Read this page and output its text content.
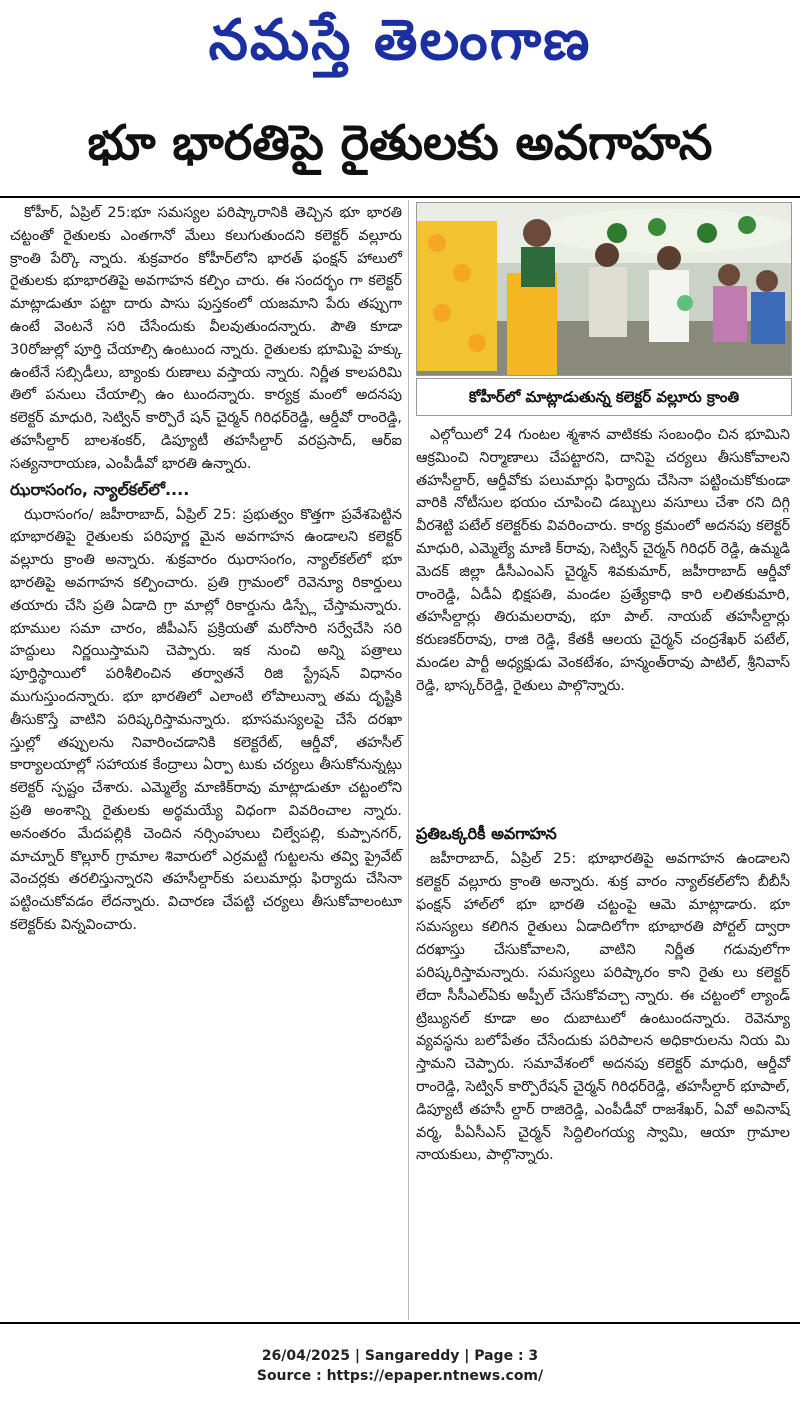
నమస్తే తెలంగాణ
భూ భారతిపై రైతులకు అవగాహన

కోహీర్, ఏప్రిల్ 25:భూ సమస్యల పరిష్కారానికి తెచ్చిన భూ భారతి చట్టంతో రైతులకు ఎంతగానో మేలు కలుగుతుందని కలెక్టర్ వల్లూరు క్రాంతి పేర్కొ న్నారు. శుక్రవారం కోహీర్‌లోని భారత్ ఫంక్షన్ హాలులో రైతులకు భూభారతిపై అవగాహన కల్పిం చారు. ఈ సందర్భం గా కలెక్టర్ మాట్లాడుతూ పట్టా దారు పాసు పుస్తకంలో యజమాని పేరు తప్పుగా ఉంటే వెంటనే సరి చేసేందుకు వీలవుతుందన్నారు. పౌతి కూడా 30రోజుల్లో పూర్తి చేయాల్సి ఉంటుంద న్నారు. రైతులకు భూమిపై హక్కు ఉంటేనే సబ్సిడీలు, బ్యాంకు రుణాలు వస్తాయ న్నారు. నిర్ణీత కాలపరిమి తిలో పనులు చేయాల్సి ఉం టుందన్నారు. కార్యక్ర మంలో అదనపు కలెక్టర్ మాధురి, సెట్విన్ కార్పొరే షన్ చైర్మన్ గిరిధర్‌రెడ్డి, ఆర్డీవో రాంరెడ్డి, తహసీల్దార్ బాలశంకర్, డిప్యూటీ తహసీల్దార్ వరప్రసాద్, ఆర్ఐ సత్యనారాయణ, ఎంపీడీవో భారతి ఉన్నారు.

ఝరాసంగం, న్యాల్‌కల్‌లో....

ఝరాసంగం/ జహీరాబాద్, ఏప్రిల్ 25: ప్రభుత్వం కొత్తగా ప్రవేశపెట్టిన భూభారతిపై రైతులకు పరిపూర్ణ మైన అవగాహన ఉండాలని కలెక్టర్ వల్లూరు క్రాంతి అన్నారు. శుక్రవారం ఝరాసంగం, న్యాల్‌కల్‌లో భూ భారతిపై అవగాహన కల్పించారు. ప్రతి గ్రామంలో రెవెన్యూ రికార్డులు తయారు చేసి ప్రతి ఏడాది గ్రా మాల్లో రికార్డును డిస్ప్లే చేస్తామన్నారు. భూముల సమా చారం, జీపీఎస్ ప్రక్రియతో మరోసారి సర్వేచేసి సరి హద్దులు నిర్ణయిస్తామని చెప్పారు. ఇక నుంచి అన్ని పత్రాలు పూర్తిస్థాయిలో పరిశీలించిన తర్వాతనే రిజి స్ట్రేషన్ విధానం ముగుస్తుందన్నారు. భూ భారతిలో ఎలాంటి లోపాలున్నా తమ దృష్టికి తీసుకొస్తే వాటిని పరిష్కరిస్తామన్నారు. భూసమస్యలపై చేసే దరఖా స్తుల్లో తప్పులను నివారించడానికి కలెక్టరేట్, ఆర్డీవో, తహసీల్ కార్యాలయాల్లో సహాయక కేంద్రాలు ఏర్పా టుకు చర్యలు తీసుకోనున్నట్లు కలెక్టర్ స్పష్టం చేశారు. ఎమ్మెల్యే మాణిక్‌రావు మాట్లాడుతూ చట్టంలోని ప్రతి అంశాన్ని రైతులకు అర్థమయ్యే విధంగా వివరించాల న్నారు. అనంతరం మేదపల్లికి చెందిన నర్సింహులు చిల్వేపల్లి, కుప్పానగర్, మాచ్నూర్ కొల్లూర్ గ్రామాల శివారులో ఎర్రమట్టి గుట్టలను తవ్వి ప్రైవేట్ వెంచర్లకు తరలిస్తున్నారని తహసీల్దార్‌కు పలుమార్లు ఫిర్యాదు చేసినా పట్టించుకోవడం లేదన్నారు. విచారణ చేపట్టి చర్యలు తీసుకోవాలంటూ కలెక్టర్‌కు విన్నవించారు.

కోహీర్‌లో మాట్లాడుతున్న కలెక్టర్ వల్లూరు క్రాంతి

ఎల్గోయిలో 24 గుంటల శ్మశాన వాటికకు సంబంధిం చిన భూమిని ఆక్రమించి నిర్మాణాలు చేపట్టారని, దానిపై చర్యలు తీసుకోవాలని తహసీల్దార్, ఆర్డీవోకు పలుమార్లు ఫిర్యాదు చేసినా పట్టించుకోకుండా వారికి నోటీసుల భయం చూపించి డబ్బులు వసూలు చేశా రని దిగ్గి వీరశెట్టి పటేల్ కలెక్టర్‌కు వివరించారు. కార్య క్రమంలో అదనపు కలెక్టర్ మాధురి, ఎమ్మెల్యే మాణి క్‌రావు, సెట్విన్ చైర్మన్ గిరిధర్ రెడ్డి, ఉమ్మడి మెదక్ జిల్లా డీసీఎంఎస్ చైర్మన్ శివకుమార్, జహీరాబాద్ ఆర్డీవో రాంరెడ్డి, ఏడీఏ భిక్షపతి, మండల ప్రత్యేకాధి కారి లలితకుమారి, తహసీల్దార్లు తిరుమలరావు, భూ పాల్. నాయబ్ తహసీల్దార్లు కరుణకర్‌రావు, రాజి రెడ్డి, కేతకీ ఆలయ చైర్మన్ చంద్రశేఖర్ పటేల్, మండల పార్టీ అధ్యక్షుడు వెంకటేశం, హన్మంత్‌రావు పాటిల్, శ్రీనివాస్ రెడ్డి, భాస్కర్‌రెడ్డి, రైతులు పాల్గొన్నారు.

ప్రతిఒక్కరికీ అవగాహన

జహీరాబాద్, ఏప్రిల్ 25: భూభారతిపై అవగాహన ఉండాలని కలెక్టర్ వల్లూరు క్రాంతి అన్నారు. శుక్ర వారం న్యాల్‌కల్‌లోని బీబీసీ ఫంక్షన్ హాల్‌లో భూ భారతి చట్టంపై ఆమె మాట్లాడారు. భూ సమస్యలు కలిగిన రైతులు ఏడాదిలోగా భూభారతి పోర్టల్ ద్వారా దరఖాస్తు చేసుకోవాలని, వాటిని నిర్ణీత గడువులోగా పరిష్కరిస్తామన్నారు. సమస్యలు పరిష్కారం కాని రైతు లు కలెక్టర్ లేదా సీసీఎల్ఏకు అప్పీల్ చేసుకోవచ్చా న్నారు. ఈ చట్టంలో ల్యాండ్ ట్రిబ్యునల్ కూడా అం దుబాటులో ఉంటుందన్నారు. రెవెన్యూ వ్యవస్థను బలోపేతం చేసేందుకు పరిపాలన అధికారులను నియ మి స్తామని చెప్పారు. సమావేశంలో అదనపు కలెక్టర్ మాధురి, ఆర్డీవో రాంరెడ్డి, సెట్విన్ కార్పొరేషన్ చైర్మన్ గిరిధర్‌రెడ్డి, తహసీల్దార్ భూపాల్, డిప్యూటీ తహసీ ల్దార్ రాజిరెడ్డి, ఎంపీడీవో రాజశేఖర్, ఏవో అవినాష్ వర్మ, పీఏసీఎస్ చైర్మన్ సిద్దిలింగయ్య స్వామి, ఆయా గ్రామాల నాయకులు, పాల్గొన్నారు.

26/04/2025 | Sangareddy | Page : 3
Source : https://epaper.ntnews.com/
